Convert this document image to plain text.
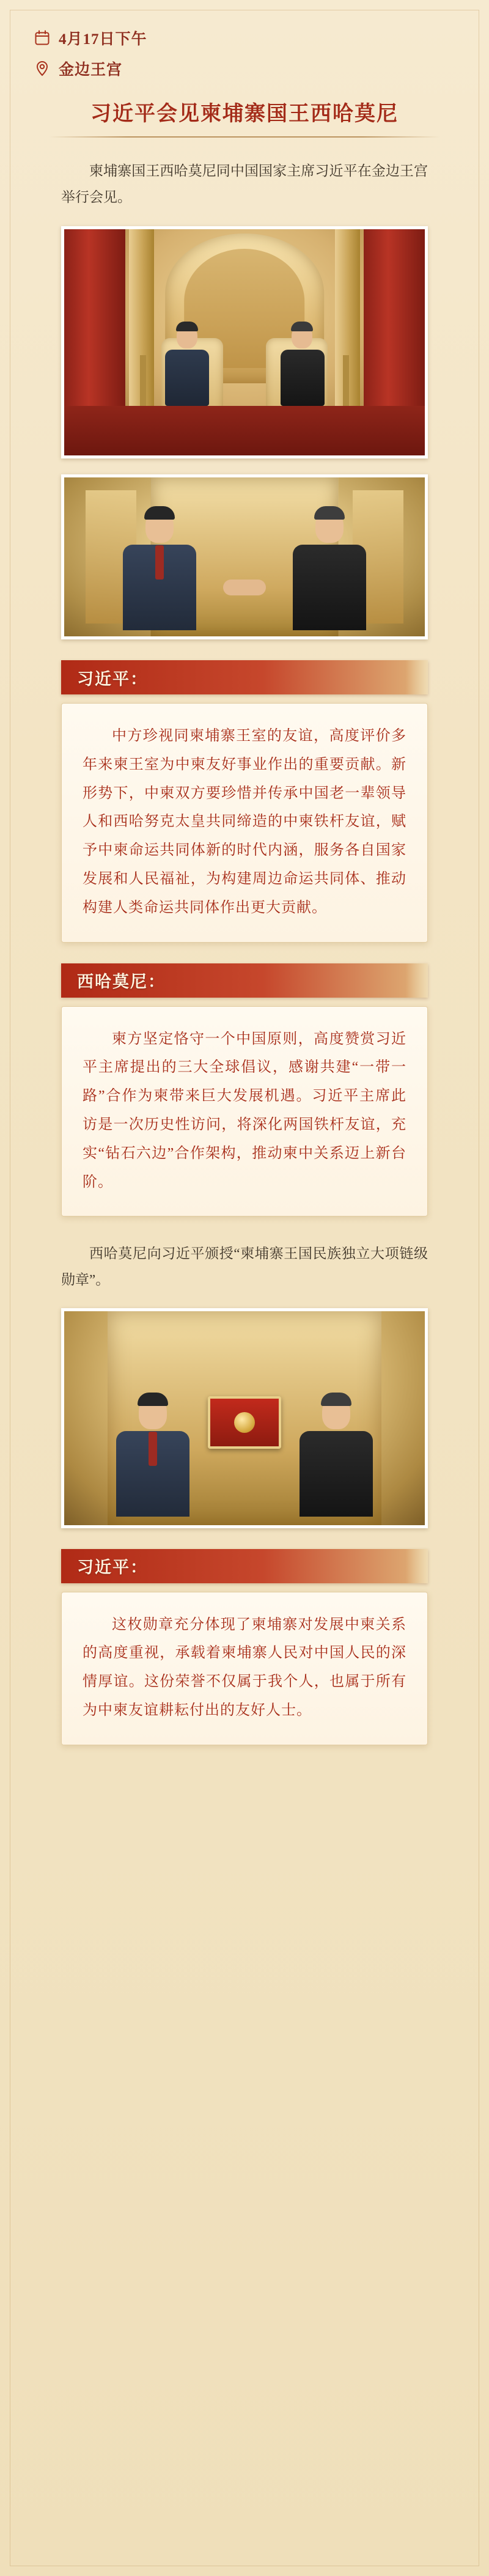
4月17日下午
金边王宫
习近平会见柬埔寨国王西哈莫尼

柬埔寨国王西哈莫尼同中国国家主席习近平在金边王宫举行会见。

习近平：
中方珍视同柬埔寨王室的友谊，高度评价多年来柬王室为中柬友好事业作出的重要贡献。新形势下，中柬双方要珍惜并传承中国老一辈领导人和西哈努克太皇共同缔造的中柬铁杆友谊，赋予中柬命运共同体新的时代内涵，服务各自国家发展和人民福祉，为构建周边命运共同体、推动构建人类命运共同体作出更大贡献。
西哈莫尼：
柬方坚定恪守一个中国原则，高度赞赏习近平主席提出的三大全球倡议，感谢共建“一带一路”合作为柬带来巨大发展机遇。习近平主席此访是一次历史性访问，将深化两国铁杆友谊，充实“钻石六边”合作架构，推动柬中关系迈上新台阶。

西哈莫尼向习近平颁授“柬埔寨王国民族独立大项链级勋章”。

习近平：
这枚勋章充分体现了柬埔寨对发展中柬关系的高度重视，承载着柬埔寨人民对中国人民的深情厚谊。这份荣誉不仅属于我个人，也属于所有为中柬友谊耕耘付出的友好人士。
